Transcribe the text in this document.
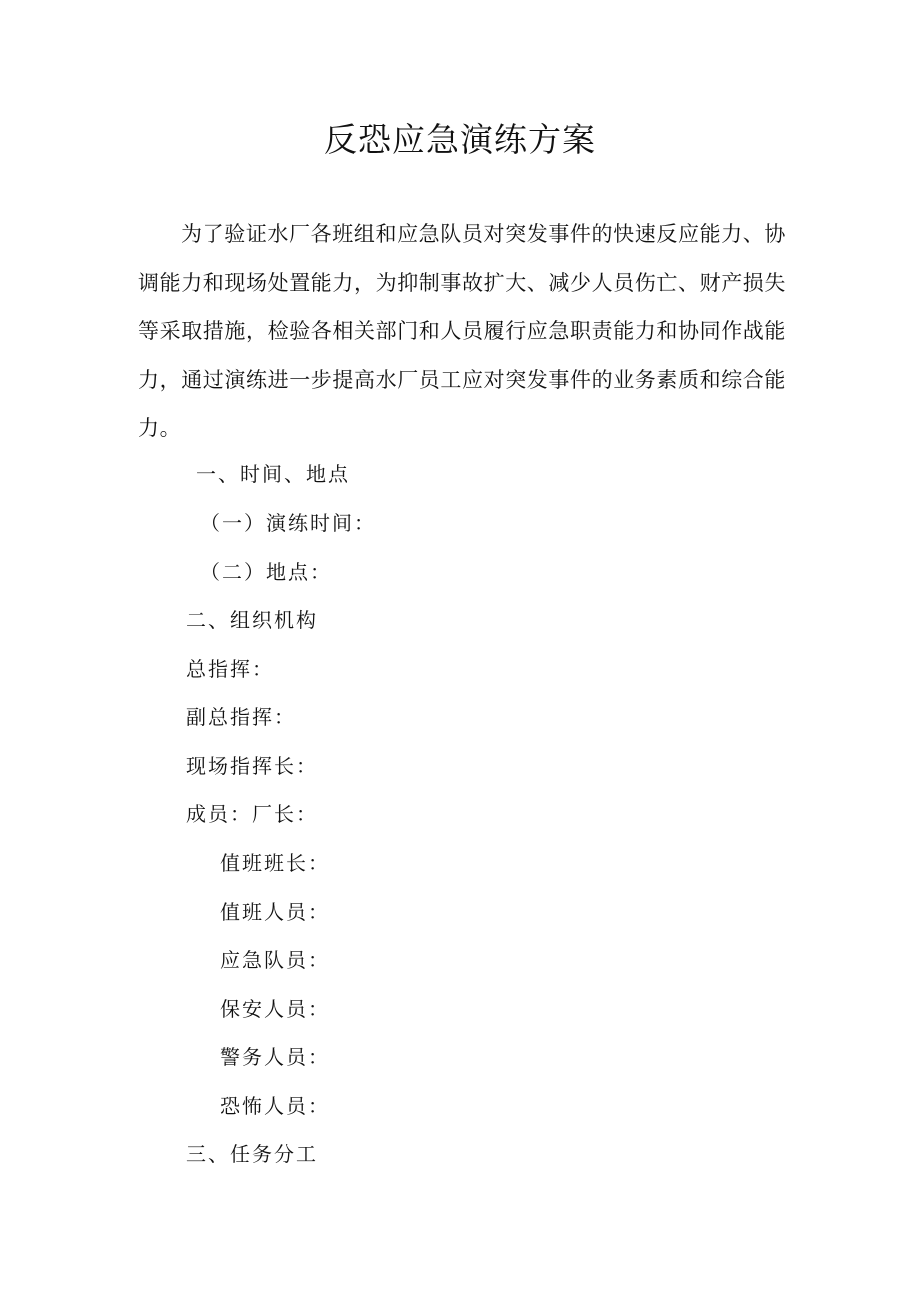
反恐应急演练方案

为了验证水厂各班组和应急队员对突发事件的快速反应能力、协调能力和现场处置能力，为抑制事故扩大、减少人员伤亡、财产损失等采取措施，检验各相关部门和人员履行应急职责能力和协同作战能力，通过演练进一步提高水厂员工应对突发事件的业务素质和综合能力。

一、时间、地点
（一）演练时间：
（二）地点：
二、组织机构
总指挥：
副总指挥：
现场指挥长：
成员：厂长：
值班班长：
值班人员：
应急队员：
保安人员：
警务人员：
恐怖人员：
三、任务分工
